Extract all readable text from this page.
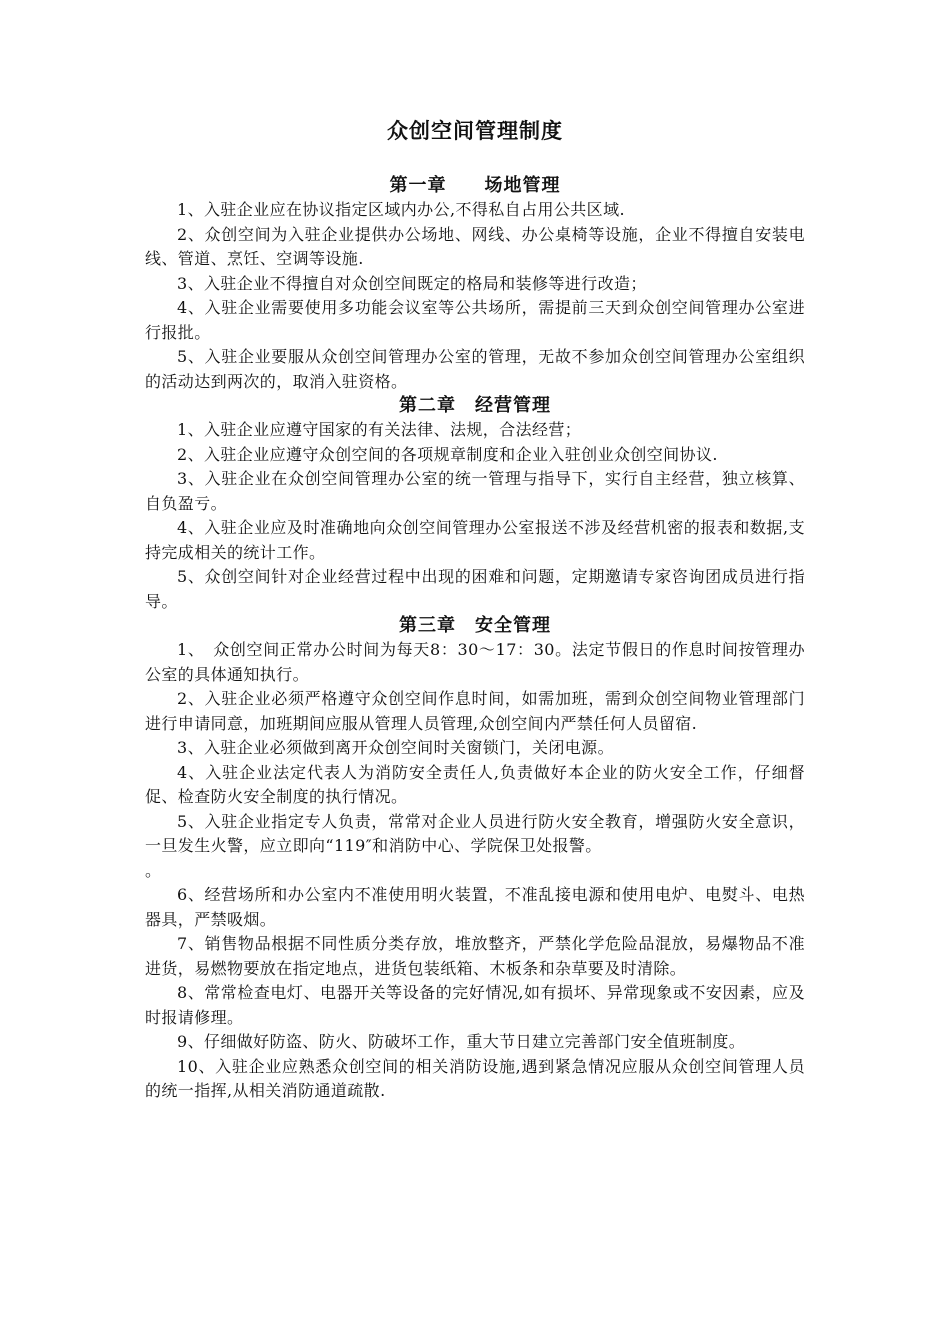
众创空间管理制度
第一章　　场地管理

1、入驻企业应在协议指定区域内办公,不得私自占用公共区域.

2、众创空间为入驻企业提供办公场地、网线、办公桌椅等设施，企业不得擅自安装电线、管道、烹饪、空调等设施.

3、入驻企业不得擅自对众创空间既定的格局和装修等进行改造；

4、入驻企业需要使用多功能会议室等公共场所，需提前三天到众创空间管理办公室进行报批。

5、入驻企业要服从众创空间管理办公室的管理，无故不参加众创空间管理办公室组织的活动达到两次的，取消入驻资格。

第二章　经营管理

1、入驻企业应遵守国家的有关法律、法规，合法经营；

2、入驻企业应遵守众创空间的各项规章制度和企业入驻创业众创空间协议.

3、入驻企业在众创空间管理办公室的统一管理与指导下，实行自主经营，独立核算、自负盈亏。

4、入驻企业应及时准确地向众创空间管理办公室报送不涉及经营机密的报表和数据,支持完成相关的统计工作。

5、众创空间针对企业经营过程中出现的困难和问题，定期邀请专家咨询团成员进行指导。

第三章　安全管理

1、　众创空间正常办公时间为每天8：30～17：30。法定节假日的作息时间按管理办公室的具体通知执行。

2、入驻企业必须严格遵守众创空间作息时间，如需加班，需到众创空间物业管理部门进行申请同意，加班期间应服从管理人员管理,众创空间内严禁任何人员留宿.

3、入驻企业必须做到离开众创空间时关窗锁门，关闭电源。

4、入驻企业法定代表人为消防安全责任人,负责做好本企业的防火安全工作，仔细督促、检查防火安全制度的执行情况。

5、入驻企业指定专人负责，常常对企业人员进行防火安全教育，增强防火安全意识，一旦发生火警，应立即向“119″和消防中心、学院保卫处报警。

。

6、经营场所和办公室内不准使用明火装置，不准乱接电源和使用电炉、电熨斗、电热器具，严禁吸烟。

7、销售物品根据不同性质分类存放，堆放整齐，严禁化学危险品混放，易爆物品不准进货，易燃物要放在指定地点，进货包装纸箱、木板条和杂草要及时清除。

8、常常检查电灯、电器开关等设备的完好情况,如有损坏、异常现象或不安因素，应及时报请修理。

9、仔细做好防盗、防火、防破坏工作，重大节日建立完善部门安全值班制度。

10、入驻企业应熟悉众创空间的相关消防设施,遇到紧急情况应服从众创空间管理人员的统一指挥,从相关消防通道疏散.
